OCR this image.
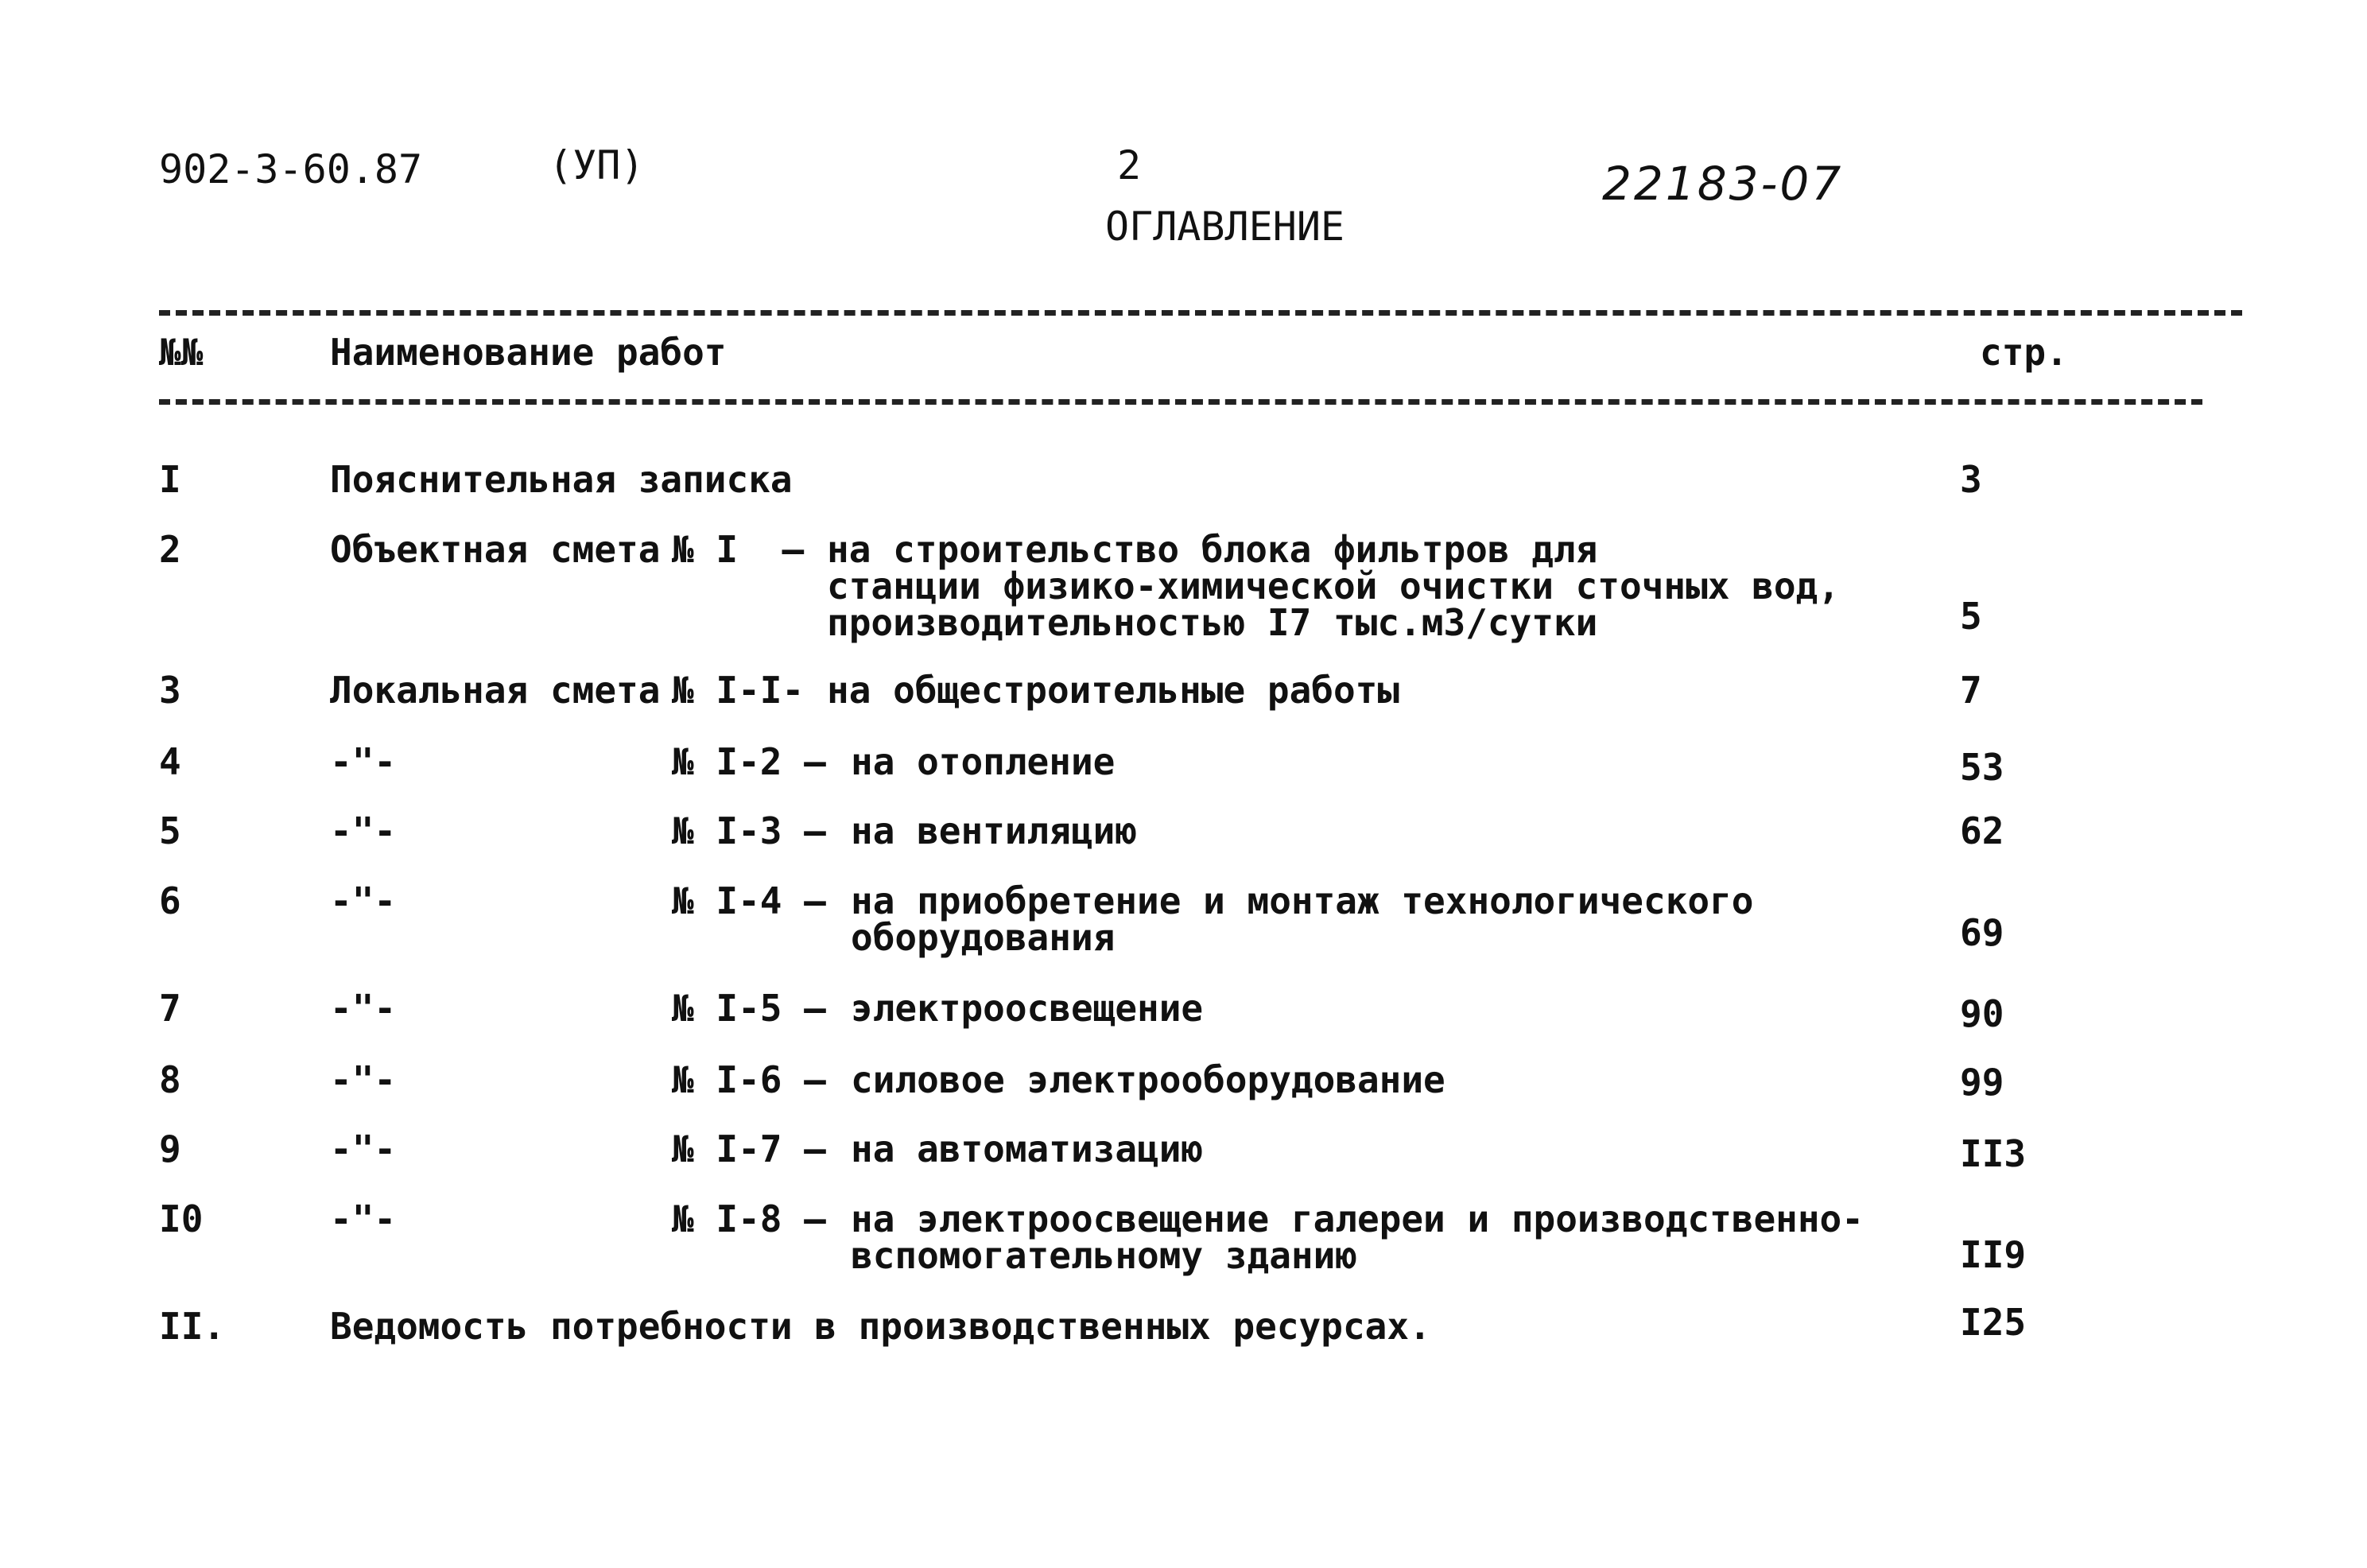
902-3-60.87	(УП)	2	22183-07
ОГЛАВЛЕНИЕ
№№	Наименование работ	стр.
I	Пояснительная записка	3
2	Объектная смета № I  – на строительство блока фильтров для
станции физико-химической очистки сточных вод,
производительностью I7 тыс.м3/сутки	5
3	Локальная смета № I-I- на общестроительные работы	7
4	-"-	№ I-2 – на отопление	53
5	-"-	№ I-3 – на вентиляцию	62
6	-"-	№ I-4 – на приобретение и монтаж технологического
оборудования	69
7	-"-	№ I-5 – электроосвещение	90
8	-"-	№ I-6 – силовое электрооборудование	99
9	-"-	№ I-7 – на автоматизацию	II3
I0	-"-	№ I-8 – на электроосвещение галереи и производственно-
вспомогательному зданию	II9
II.	Ведомость потребности в производственных ресурсах.	I25
